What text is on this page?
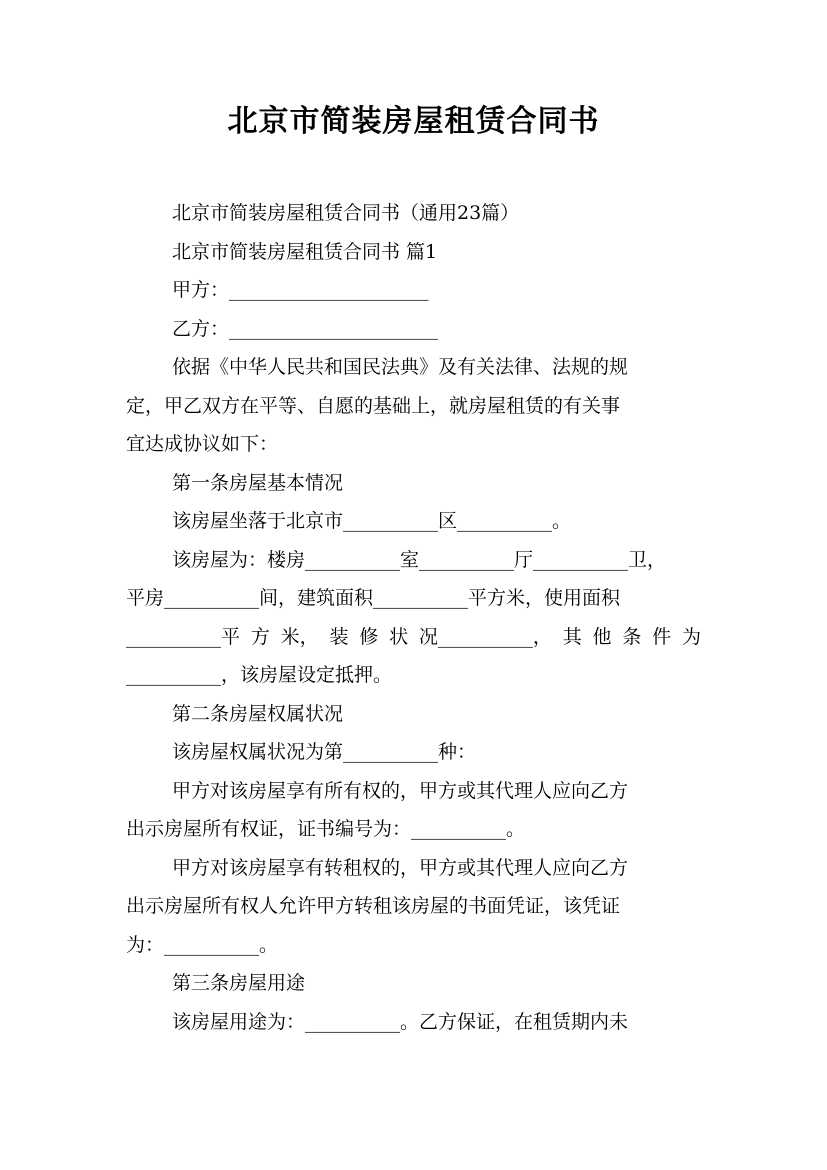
北京市简装房屋租赁合同书
北京市简装房屋租赁合同书（通用23篇）
北京市简装房屋租赁合同书 篇1
甲方：_____________________
乙方：______________________
依据《中华人民共和国民法典》及有关法律、法规的规
定，甲乙双方在平等、自愿的基础上，就房屋租赁的有关事
宜达成协议如下：
第一条房屋基本情况
该房屋坐落于北京市__________区__________。
该房屋为：楼房__________室__________厅__________卫，
平房__________间，建筑面积__________平方米，使用面积
__________平 方 米， 装 修 状 况__________， 其 他 条 件 为
__________，该房屋设定抵押。
第二条房屋权属状况
该房屋权属状况为第__________种：
甲方对该房屋享有所有权的，甲方或其代理人应向乙方
出示房屋所有权证，证书编号为：__________。
甲方对该房屋享有转租权的，甲方或其代理人应向乙方
出示房屋所有权人允许甲方转租该房屋的书面凭证，该凭证
为：__________。
第三条房屋用途
该房屋用途为：__________。乙方保证，在租赁期内未
